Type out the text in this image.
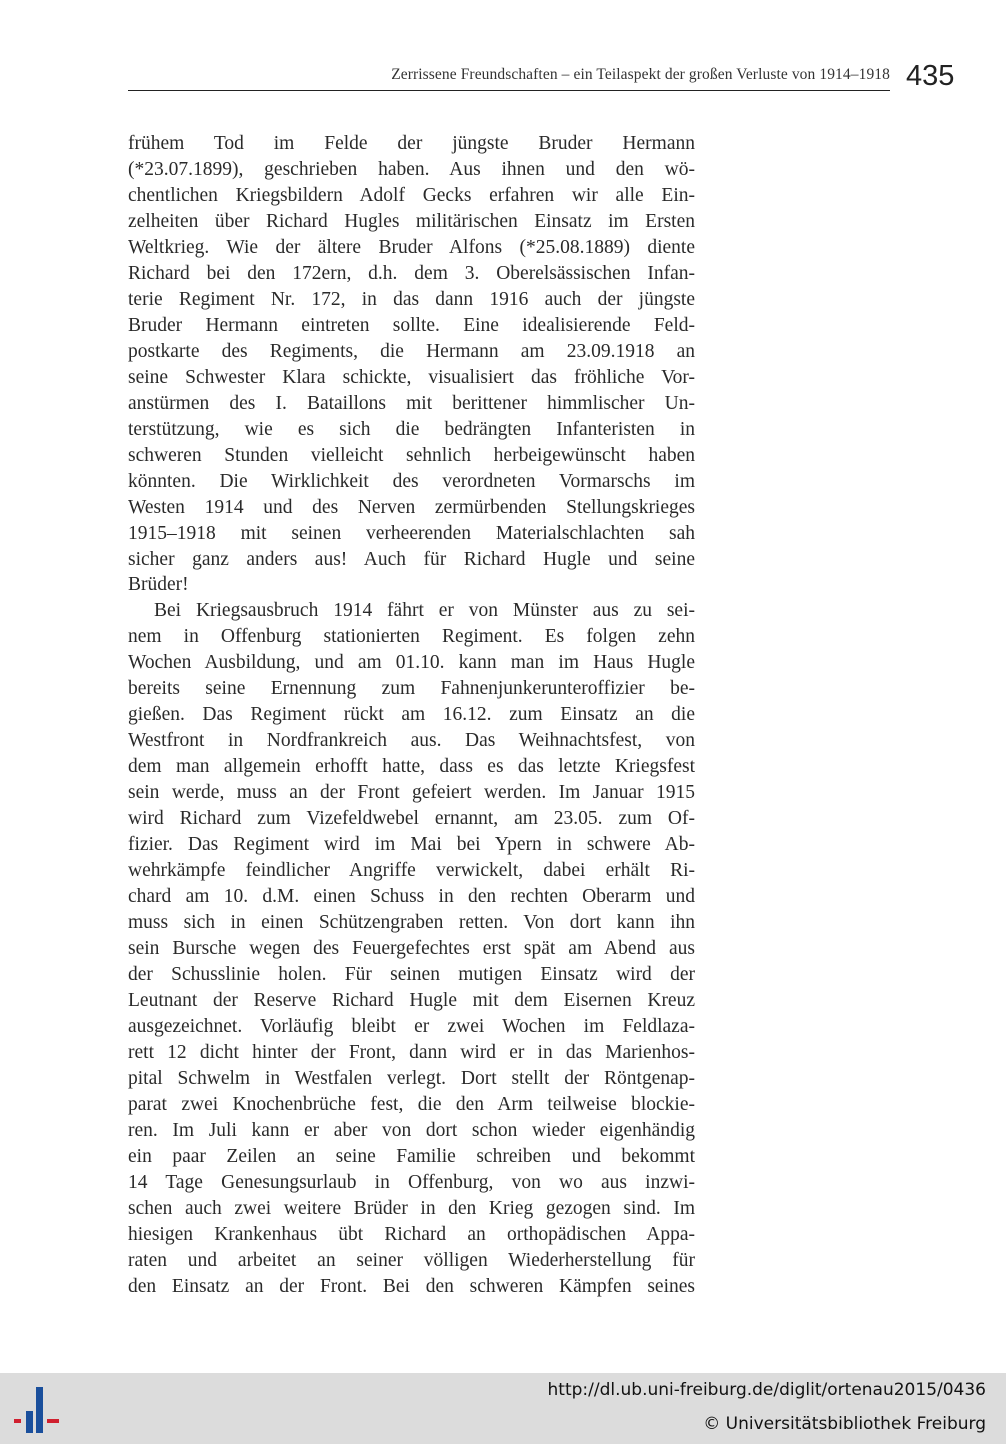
Zerrissene Freundschaften – ein Teilaspekt der großen Verluste von 1914–1918 435
frühem Tod im Felde der jüngste Bruder Hermann
(*23.07.1899), geschrieben haben. Aus ihnen und den wö-
chentlichen Kriegsbildern Adolf Gecks erfahren wir alle Ein-
zelheiten über Richard Hugles militärischen Einsatz im Ersten
Weltkrieg. Wie der ältere Bruder Alfons (*25.08.1889) diente
Richard bei den 172ern, d.h. dem 3. Oberelsässischen Infan-
terie Regiment Nr. 172, in das dann 1916 auch der jüngste
Bruder Hermann eintreten sollte. Eine idealisierende Feld-
postkarte des Regiments, die Hermann am 23.09.1918 an
seine Schwester Klara schickte, visualisiert das fröhliche Vor-
anstürmen des I. Bataillons mit berittener himmlischer Un-
terstützung, wie es sich die bedrängten Infanteristen in
schweren Stunden vielleicht sehnlich herbeigewünscht haben
könnten. Die Wirklichkeit des verordneten Vormarschs im
Westen 1914 und des Nerven zermürbenden Stellungskrieges
1915–1918 mit seinen verheerenden Materialschlachten sah
sicher ganz anders aus! Auch für Richard Hugle und seine
Brüder!
Bei Kriegsausbruch 1914 fährt er von Münster aus zu sei-
nem in Offenburg stationierten Regiment. Es folgen zehn
Wochen Ausbildung, und am 01.10. kann man im Haus Hugle
bereits seine Ernennung zum Fahnenjunkerunteroffizier be-
gießen. Das Regiment rückt am 16.12. zum Einsatz an die
Westfront in Nordfrankreich aus. Das Weihnachtsfest, von
dem man allgemein erhofft hatte, dass es das letzte Kriegsfest
sein werde, muss an der Front gefeiert werden. Im Januar 1915
wird Richard zum Vizefeldwebel ernannt, am 23.05. zum Of-
fizier. Das Regiment wird im Mai bei Ypern in schwere Ab-
wehrkämpfe feindlicher Angriffe verwickelt, dabei erhält Ri-
chard am 10. d.M. einen Schuss in den rechten Oberarm und
muss sich in einen Schützengraben retten. Von dort kann ihn
sein Bursche wegen des Feuergefechtes erst spät am Abend aus
der Schusslinie holen. Für seinen mutigen Einsatz wird der
Leutnant der Reserve Richard Hugle mit dem Eisernen Kreuz
ausgezeichnet. Vorläufig bleibt er zwei Wochen im Feldlaza-
rett 12 dicht hinter der Front, dann wird er in das Marienhos-
pital Schwelm in Westfalen verlegt. Dort stellt der Röntgenap-
parat zwei Knochenbrüche fest, die den Arm teilweise blockie-
ren. Im Juli kann er aber von dort schon wieder eigenhändig
ein paar Zeilen an seine Familie schreiben und bekommt
14 Tage Genesungsurlaub in Offenburg, von wo aus inzwi-
schen auch zwei weitere Brüder in den Krieg gezogen sind. Im
hiesigen Krankenhaus übt Richard an orthopädischen Appa-
raten und arbeitet an seiner völligen Wiederherstellung für
den Einsatz an der Front. Bei den schweren Kämpfen seines
http://dl.ub.uni-freiburg.de/diglit/ortenau2015/0436
© Universitätsbibliothek Freiburg
